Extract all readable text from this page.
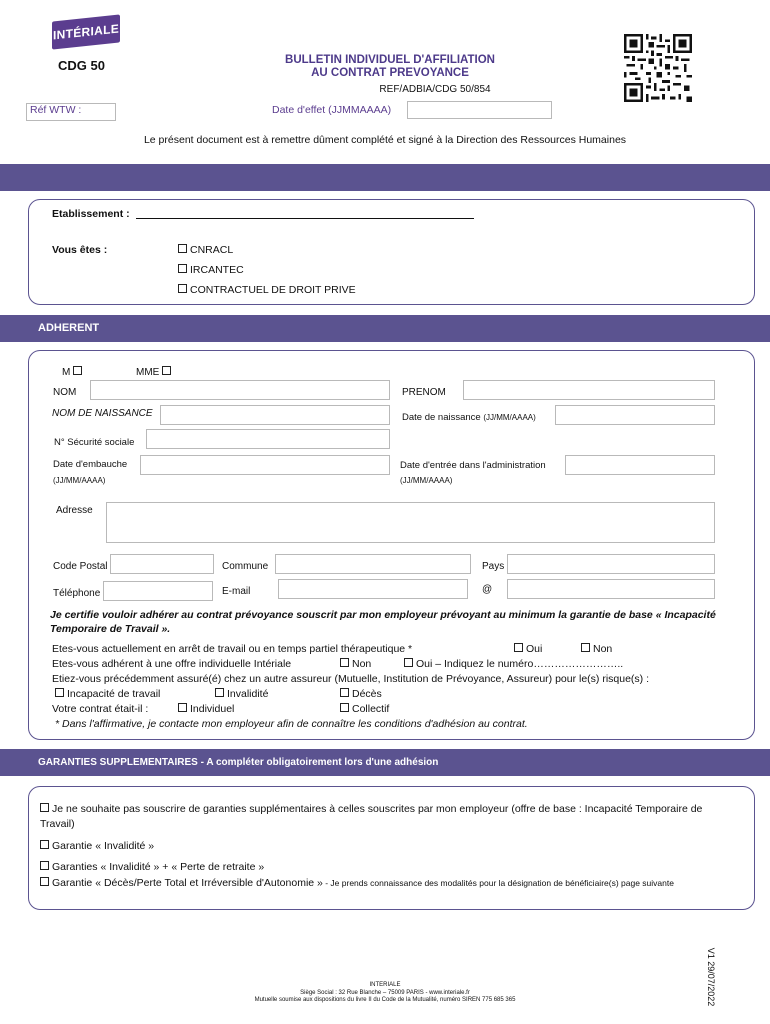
INTÉRIALE
CDG 50	BULLETIN INDIVIDUEL D'AFFILIATION
AU CONTRAT PREVOYANCE
REF/ADBIA/CDG 50/854
Réf WTW :	Date d'effet (JJMMAAAA)
Le présent document est à remettre dûment complété et signé à la Direction des Ressources Humaines
Etablissement :
Vous êtes :	CNRACL
IRCANTEC
CONTRACTUEL DE DROIT PRIVE
ADHERENT
M	MME
NOM	PRENOM
NOM DE NAISSANCE	Date de naissance (JJ/MM/AAAA)
N° Sécurité sociale
Date d'embauche
(JJ/MM/AAAA)
Date d'entrée dans l'administration
(JJ/MM/AAAA)
Adresse
Code Postal	Commune	Pays
Téléphone	E-mail	@
Je certifie vouloir adhérer au contrat prévoyance souscrit par mon employeur prévoyant au minimum la garantie de base « Incapacité Temporaire de Travail ».
Etes-vous actuellement en arrêt de travail ou en temps partiel thérapeutique *	Oui	Non
Etes-vous adhérent à une offre individuelle Intériale	Non	Oui – Indiquez le numéro……………………..
Etiez-vous précédemment assuré(é) chez un autre assureur (Mutuelle, Institution de Prévoyance, Assureur) pour le(s) risque(s) :
Incapacité de travail	Invalidité	Décès
Votre contrat était-il :	Individuel	Collectif
* Dans l'affirmative, je contacte mon employeur afin de connaître les conditions d'adhésion au contrat.
GARANTIES SUPPLEMENTAIRES - A compléter obligatoirement lors d'une adhésion
Je ne souhaite pas souscrire de garanties supplémentaires à celles souscrites par mon employeur (offre de base : Incapacité Temporaire de Travail)
Garantie « Invalidité »
Garanties « Invalidité » + « Perte de retraite »
Garantie « Décès/Perte Total et Irréversible d'Autonomie » - Je prends connaissance des modalités pour la désignation de bénéficiaire(s) page suivante
INTERIALE
Siège Social : 32 Rue Blanche – 75009 PARIS - www.interiale.fr
Mutuelle soumise aux dispositions du livre II du Code de la Mutualité, numéro SIREN 775 685 365	V1 29/07/2022
